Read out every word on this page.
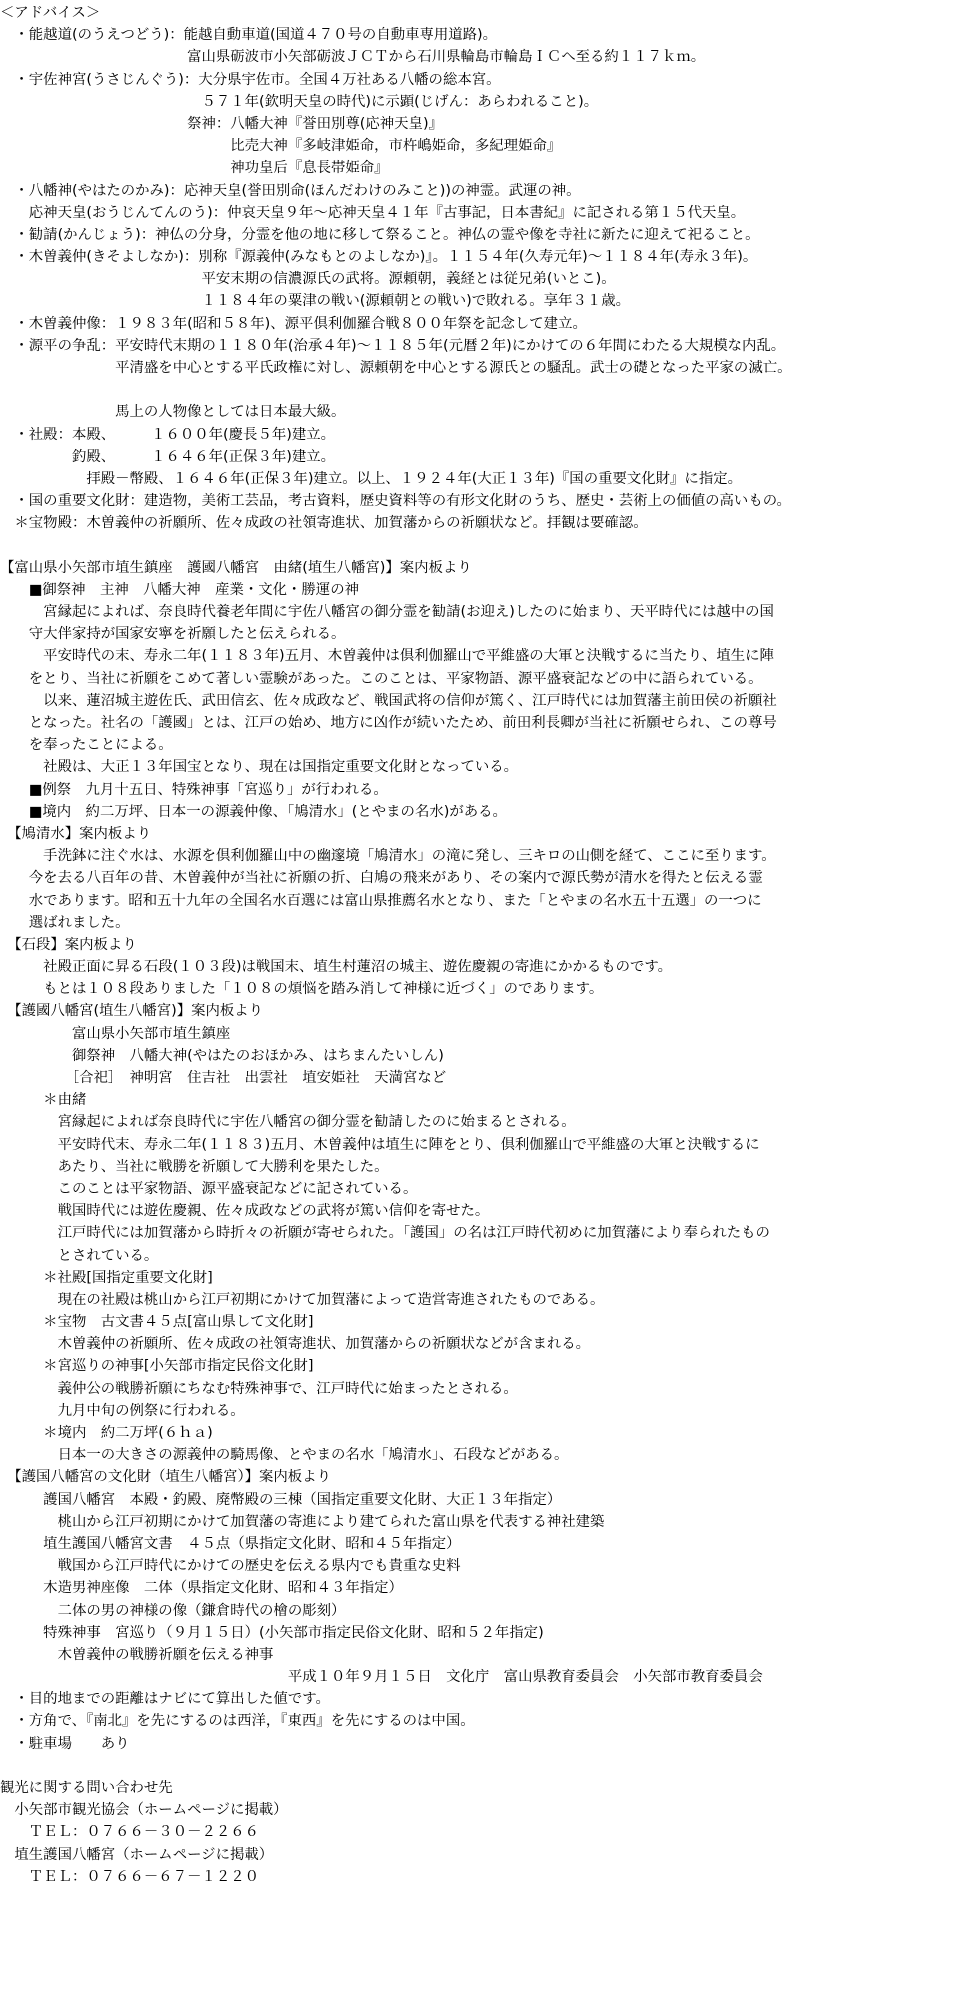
＜アドバイス＞
　・能越道(のうえつどう)：能越自動車道(国道４７０号の自動車専用道路)。
　　　　　　　　　　　　　富山県砺波市小矢部砺波ＪＣＴから石川県輪島市輪島ＩＣへ至る約１１７ｋｍ。
　・宇佐神宮(うさじんぐう)：大分県宇佐市。全国４万社ある八幡の総本宮。
　　　　　　　　　　　　　　５７１年(欽明天皇の時代)に示顕(じげん：あらわれること)。
　　　　　　　　　　　　　祭神：八幡大神『誉田別尊(応神天皇)』
　　　　　　　　　　　　　　　　比売大神『多岐津姫命，市杵嶋姫命，多紀理姫命』
　　　　　　　　　　　　　　　　神功皇后『息長帯姫命』
　・八幡神(やはたのかみ)：応神天皇(誉田別命(ほんだわけのみこと))の神霊。武運の神。
　　応神天皇(おうじんてんのう)：仲哀天皇９年～応神天皇４１年『古事記，日本書紀』に記される第１５代天皇。
　・勧請(かんじょう)：神仏の分身，分霊を他の地に移して祭ること。神仏の霊や像を寺社に新たに迎えて祀ること。
　・木曽義仲(きそよしなか)：別称『源義仲(みなもとのよしなか)』。１１５４年(久寿元年)～１１８４年(寿永３年)。
　　　　　　　　　　　　　　平安末期の信濃源氏の武将。源頼朝，義経とは従兄弟(いとこ)。
　　　　　　　　　　　　　　１１８４年の粟津の戦い(源頼朝との戦い)で敗れる。享年３１歳。
　・木曽義仲像：１９８３年(昭和５８年)、源平倶利伽羅合戦８００年祭を記念して建立。
　・源平の争乱：平安時代末期の１１８０年(治承４年)～１１８５年(元暦２年)にかけての６年間にわたる大規模な内乱。
　　　　　　　　平清盛を中心とする平氏政権に対し、源頼朝を中心とする源氏との騒乱。武士の礎となった平家の滅亡。
　　　　　　　　馬上の人物像としては日本最大級。
　・社殿：本殿、　　　１６００年(慶長５年)建立。
　　　　　釣殿、　　　１６４６年(正保３年)建立。
　　　　　　拝殿－幣殿、１６４６年(正保３年)建立。以上、１９２４年(大正１３年)『国の重要文化財』に指定。
　・国の重要文化財：建造物，美術工芸品，考古資料，歴史資料等の有形文化財のうち、歴史・芸術上の価値の高いもの。
　＊宝物殿：木曽義仲の祈願所、佐々成政の社領寄進状、加賀藩からの祈願状など。拝観は要確認。
【富山県小矢部市埴生鎮座　護國八幡宮　由緒(埴生八幡宮)】案内板より
　　■御祭神　主神　八幡大神　産業・文化・勝運の神
　　　宮縁起によれば、奈良時代養老年間に宇佐八幡宮の御分霊を勧請(お迎え)したのに始まり、天平時代には越中の国
　　守大伴家持が国家安寧を祈願したと伝えられる。
　　　平安時代の末、寿永二年(１１８３年)五月、木曽義仲は倶利伽羅山で平維盛の大軍と決戦するに当たり、埴生に陣
　　をとり、当社に祈願をこめて著しい霊験があった。このことは、平家物語、源平盛衰記などの中に語られている。
　　　以来、蓮沼城主遊佐氏、武田信玄、佐々成政など、戦国武将の信仰が篤く、江戸時代には加賀藩主前田侯の祈願社
　　となった。社名の「護國」とは、江戸の始め、地方に凶作が続いたため、前田利長卿が当社に祈願せられ、この尊号
　　を奉ったことによる。
　　　社殿は、大正１３年国宝となり、現在は国指定重要文化財となっている。
　　■例祭　九月十五日、特殊神事「宮巡り」が行われる。
　　■境内　約二万坪、日本一の源義仲像、「鳩清水」(とやまの名水)がある。
　【鳩清水】案内板より
　　　手洗鉢に注ぐ水は、水源を倶利伽羅山中の幽邃境「鳩清水」の滝に発し、三キロの山側を経て、ここに至ります。
　　今を去る八百年の昔、木曽義仲が当社に祈願の折、白鳩の飛来があり、その案内で源氏勢が清水を得たと伝える霊
　　水であります。昭和五十九年の全国名水百選には富山県推薦名水となり、また「とやまの名水五十五選」の一つに
　　選ばれました。
　【石段】案内板より
　　　社殿正面に昇る石段(１０３段)は戦国末、埴生村蓮沼の城主、遊佐慶親の寄進にかかるものです。
　　　もとは１０８段ありました「１０８の煩悩を踏み消して神様に近づく」のであります。
　【護國八幡宮(埴生八幡宮)】案内板より
　　　　　富山県小矢部市埴生鎮座
　　　　　御祭神　八幡大神(やはたのおほかみ、はちまんたいしん)
　　　　　［合祀］　神明宮　住吉社　出雲社　埴安姫社　天満宮など
　　　＊由緒
　　　　宮縁起によれば奈良時代に宇佐八幡宮の御分霊を勧請したのに始まるとされる。
　　　　平安時代末、寿永二年(１１８３)五月、木曽義仲は埴生に陣をとり、倶利伽羅山で平維盛の大軍と決戦するに
　　　　あたり、当社に戦勝を祈願して大勝利を果たした。
　　　　このことは平家物語、源平盛衰記などに記されている。
　　　　戦国時代には遊佐慶親、佐々成政などの武将が篤い信仰を寄せた。
　　　　江戸時代には加賀藩から時折々の祈願が寄せられた。「護国」の名は江戸時代初めに加賀藩により奉られたもの
　　　　とされている。
　　　＊社殿[国指定重要文化財]
　　　　現在の社殿は桃山から江戸初期にかけて加賀藩によって造営寄進されたものである。
　　　＊宝物　古文書４５点[富山県して文化財]
　　　　木曽義仲の祈願所、佐々成政の社領寄進状、加賀藩からの祈願状などが含まれる。
　　　＊宮巡りの神事[小矢部市指定民俗文化財]
　　　　義仲公の戦勝祈願にちなむ特殊神事で、江戸時代に始まったとされる。
　　　　九月中旬の例祭に行われる。
　　　＊境内　約二万坪(６ｈａ)
　　　　日本一の大きさの源義仲の騎馬像、とやまの名水「鳩清水」、石段などがある。
　【護国八幡宮の文化財（埴生八幡宮）】案内板より
　　　護国八幡宮　本殿・釣殿、廃幣殿の三棟（国指定重要文化財、大正１３年指定）
　　　　桃山から江戸初期にかけて加賀藩の寄進により建てられた富山県を代表する神社建築
　　　埴生護国八幡宮文書　４５点（県指定文化財、昭和４５年指定）
　　　　戦国から江戸時代にかけての歴史を伝える県内でも貴重な史料
　　　木造男神座像　二体（県指定文化財、昭和４３年指定）
　　　　二体の男の神様の像（鎌倉時代の檜の彫刻）
　　　特殊神事　宮巡り（９月１５日）(小矢部市指定民俗文化財、昭和５２年指定)
　　　　木曽義仲の戦勝祈願を伝える神事
　　　　　　　　　　　　　　　　　　　　平成１０年９月１５日　文化庁　富山県教育委員会　小矢部市教育委員会
　・目的地までの距離はナビにて算出した値です。
　・方角で、『南北』を先にするのは西洋，『東西』を先にするのは中国。
　・駐車場　　あり
観光に関する問い合わせ先
　小矢部市観光協会（ホームページに掲載）
　　ＴＥＬ：０７６６－３０－２２６６
　埴生護国八幡宮（ホームページに掲載）
　　ＴＥＬ：０７６６－６７－１２２０
